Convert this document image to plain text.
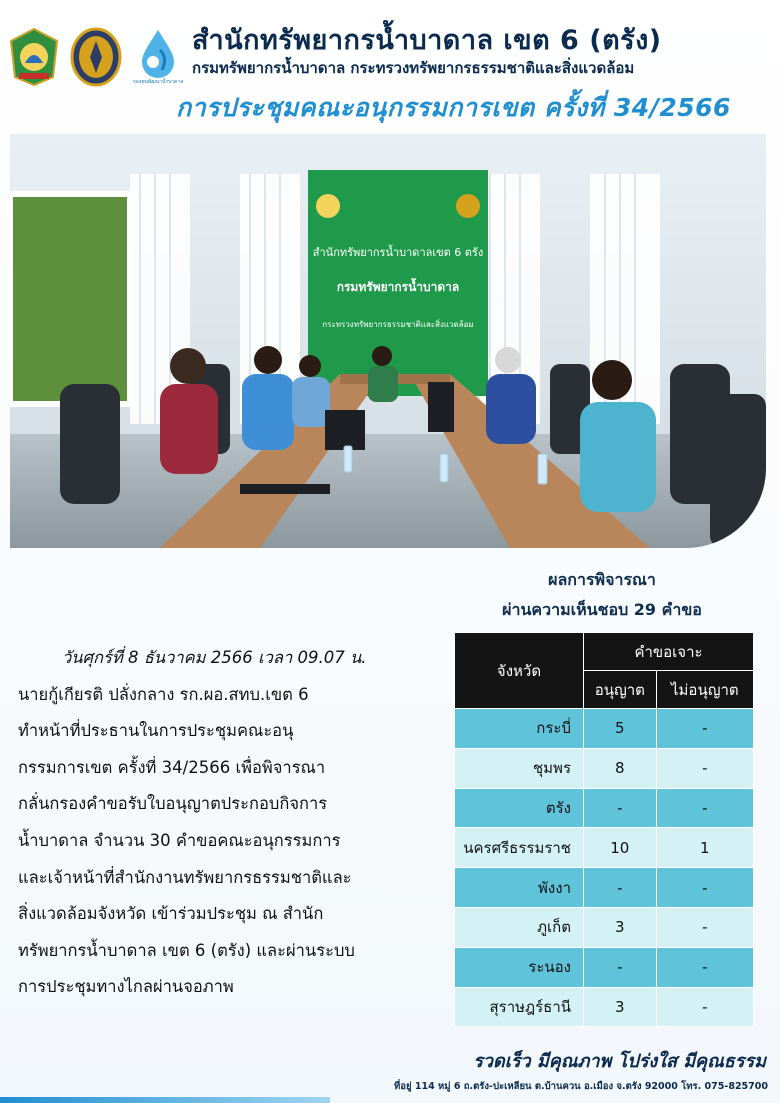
กองทุนพัฒนาน้ำบาดาล
สำนักทรัพยากรน้ำบาดาล เขต 6 (ตรัง)
กรมทรัพยากรน้ำบาดาล กระทรวงทรัพยากรธรรมชาติและสิ่งแวดล้อม
การประชุมคณะอนุกรรมการเขต ครั้งที่ 34/2566
สำนักทรัพยากรน้ำบาดาลเขต 6 ตรัง
กรมทรัพยากรน้ำบาดาล
กระทรวงทรัพยากรธรรมชาติและสิ่งแวดล้อม
ผลการพิจารณา
ผ่านความเห็นชอบ 29 คำขอ
วันศุกร์ที่ 8 ธันวาคม 2566 เวลา 09.07 น.
นายกู้เกียรติ ปลั่งกลาง รก.ผอ.สทบ.เขต 6
ทำหน้าที่ประธานในการประชุมคณะอนุ
กรรมการเขต ครั้งที่ 34/2566 เพื่อพิจารณา
กลั่นกรองคำขอรับใบอนุญาตประกอบกิจการ
น้ำบาดาล จำนวน 30 คำขอคณะอนุกรรมการ
และเจ้าหน้าที่สำนักงานทรัพยากรธรรมชาติและ
สิ่งแวดล้อมจังหวัด เข้าร่วมประชุม ณ สำนัก
ทรัพยากรน้ำบาดาล เขต 6 (ตรัง) และผ่านระบบ
การประชุมทางไกลผ่านจอภาพ
จังหวัด	คำขอเจาะ	
	อนุญาต	ไม่อนุญาต
กระบี่	5	-
ชุมพร	8	-
ตรัง	-	-
นครศรีธรรมราช	10	1
พังงา	-	-
ภูเก็ต	3	-
ระนอง	-	-
สุราษฎร์ธานี	3	-
รวดเร็ว มีคุณภาพ โปร่งใส มีคุณธรรม
ที่อยู่ 114 หมู่ 6 ถ.ตรัง-ปะเหลียน ต.บ้านควน อ.เมือง จ.ตรัง 92000 โทร. 075-825700
